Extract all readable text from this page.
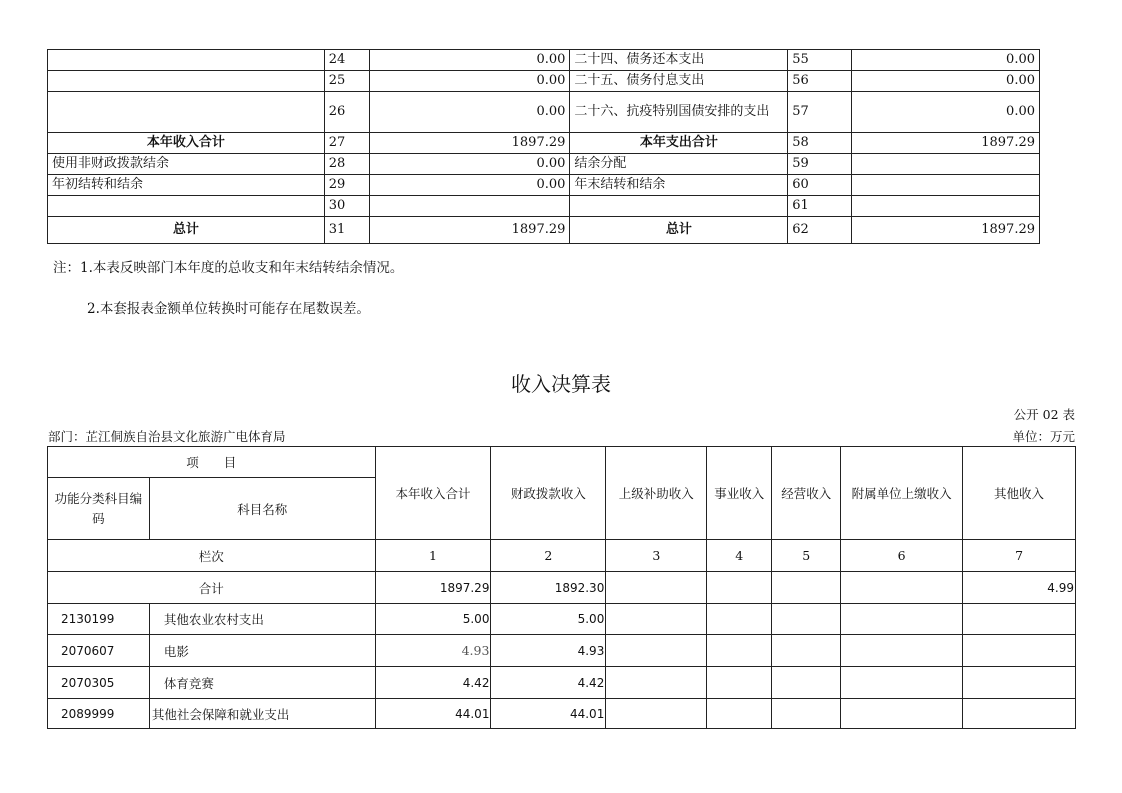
	24	0.00	二十四、债务还本支出	55	0.00
	25	0.00	二十五、债务付息支出	56	0.00
	26	0.00	二十六、抗疫特别国债安排的支出	57	0.00
本年收入合计	27	1897.29	本年支出合计	58	1897.29
使用非财政拨款结余	28	0.00	结余分配	59	
年初结转和结余	29	0.00	年末结转和结余	60	
	30			61	
总计	31	1897.29	总计	62	1897.29
注：1.本表反映部门本年度的总收支和年末结转结余情况。
2.本套报表金额单位转换时可能存在尾数误差。
收入决算表
公开 02 表
部门：芷江侗族自治县文化旅游广电体育局	单位：万元
项　　目		本年收入合计	财政拨款收入	上级补助收入	事业收入	经营收入	附属单位上缴收入	其他收入
功能分类科目编码	科目名称							
栏次		1	2	3	4	5	6	7
合计		1897.29	1892.30					4.99
2130199	其他农业农村支出	5.00	5.00					
2070607	电影	4.93	4.93					
2070305	体育竞赛	4.42	4.42					
2089999	其他社会保障和就业支出	44.01	44.01					
